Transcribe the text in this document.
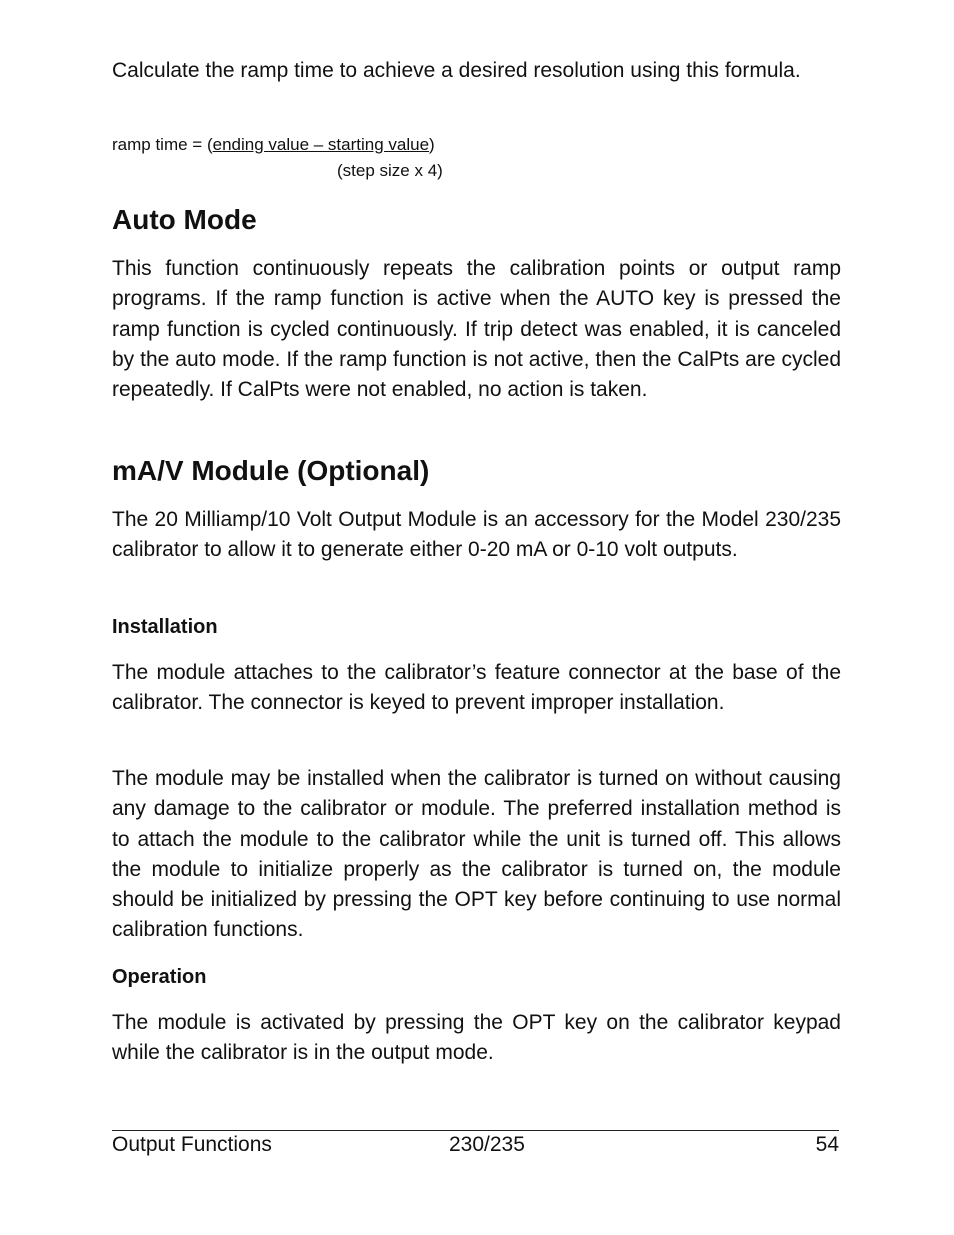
Calculate the ramp time to achieve a desired resolution using this formula.

ramp time = (ending value – starting value)

(step size x 4)

Auto Mode

This function continuously repeats the calibration points or output ramp programs. If the ramp function is active when the AUTO key is pressed the ramp function is cycled continuously. If trip detect was enabled, it is canceled by the auto mode. If the ramp function is not active, then the CalPts are cycled repeatedly. If CalPts were not enabled, no action is taken.

mA/V Module (Optional)

The 20 Milliamp/10 Volt Output Module is an accessory for the Model 230/235 calibrator to allow it to generate either 0-20 mA or 0-10 volt outputs.

Installation

The module attaches to the calibrator’s feature connector at the base of the calibrator. The connector is keyed to prevent improper installation.

The module may be installed when the calibrator is turned on without causing any damage to the calibrator or module. The preferred installation method is to attach the module to the calibrator while the unit is turned off. This allows the module to initialize properly as the calibrator is turned on, the module should be initialized by pressing the OPT key before continuing to use normal calibration functions.

Operation

The module is activated by pressing the OPT key on the calibrator keypad while the calibrator is in the output mode.

Output Functions	230/235	54
